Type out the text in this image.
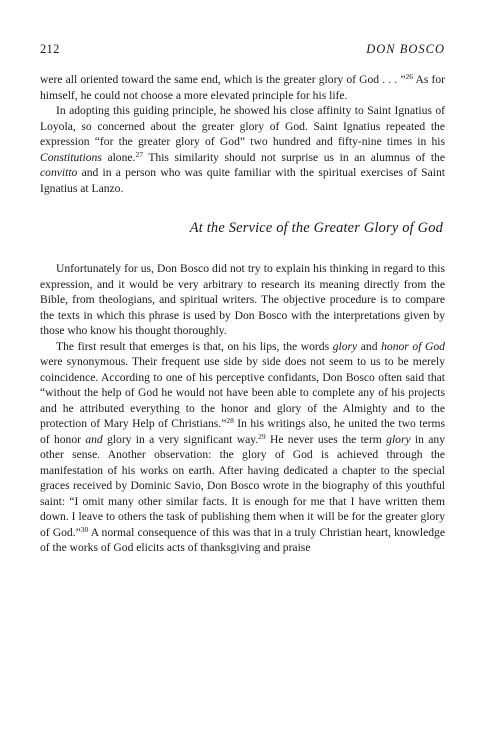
212	DON BOSCO

were all oriented toward the same end, which is the greater glory of God . . . ”$^{26}$ As for himself, he could not choose a more elevated principle for his life.

In adopting this guiding principle, he showed his close affinity to Saint Ignatius of Loyola, so concerned about the greater glory of God. Saint Ignatius repeated the expression “for the greater glory of God” two hundred and fifty-nine times in his Constitutions alone.$^{27}$ This similarity should not surprise us in an alumnus of the convitto and in a person who was quite familiar with the spiritual exercises of Saint Ignatius at Lanzo.

At the Service of the Greater Glory of God

Unfortunately for us, Don Bosco did not try to explain his thinking in regard to this expression, and it would be very arbitrary to research its meaning directly from the Bible, from theologians, and spiritual writers. The objective procedure is to compare the texts in which this phrase is used by Don Bosco with the interpretations given by those who know his thought thoroughly.

The first result that emerges is that, on his lips, the words glory and honor of God were synonymous. Their frequent use side by side does not seem to us to be merely coincidence. According to one of his perceptive confidants, Don Bosco often said that “without the help of God he would not have been able to complete any of his projects and he attributed everything to the honor and glory of the Almighty and to the protection of Mary Help of Christians.”$^{28}$ In his writings also, he united the two terms of honor and glory in a very significant way.$^{29}$ He never uses the term glory in any other sense. Another observation: the glory of God is achieved through the manifestation of his works on earth. After having dedicated a chapter to the special graces received by Dominic Savio, Don Bosco wrote in the biography of this youthful saint: “I omit many other similar facts. It is enough for me that I have written them down. I leave to others the task of publishing them when it will be for the greater glory of God.”$^{30}$ A normal consequence of this was that in a truly Christian heart, knowledge of the works of God elicits acts of thanksgiving and praise
